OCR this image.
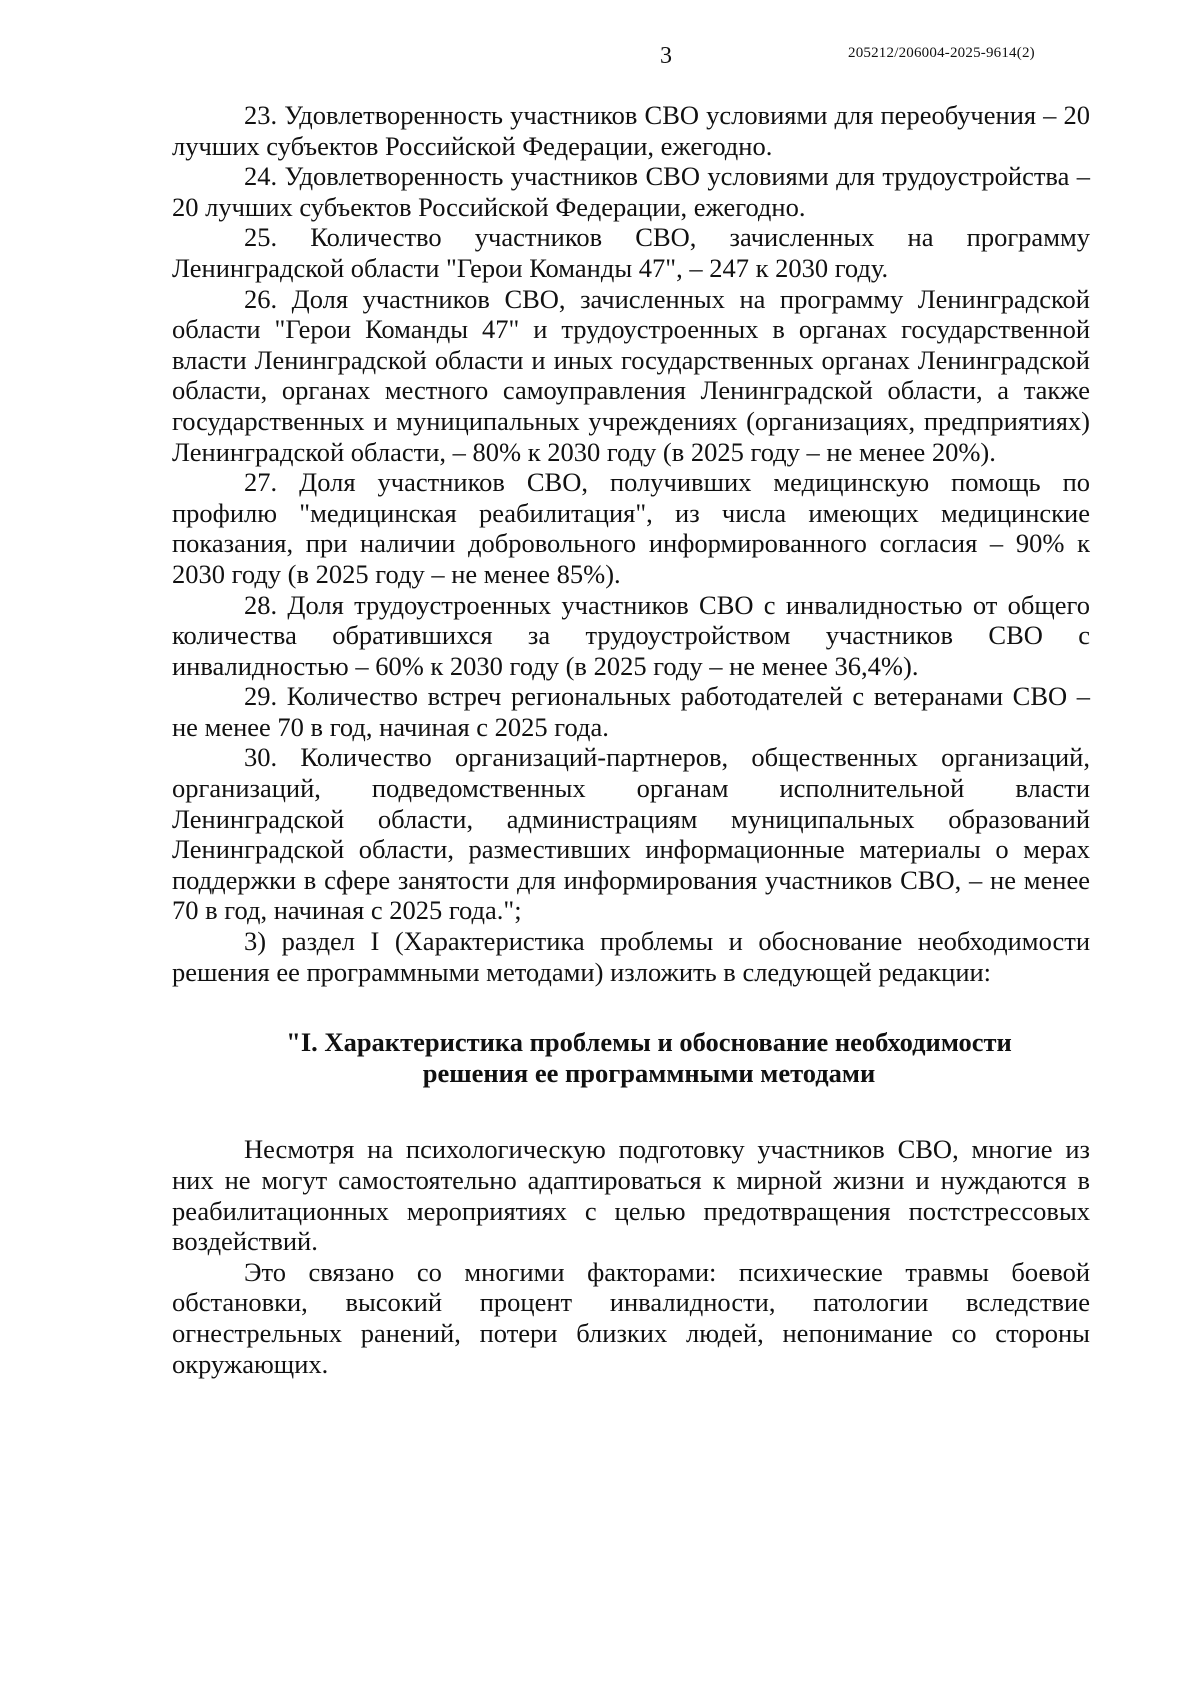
3	205212/206004-2025-9614(2)

23. Удовлетворенность участников СВО условиями для переобучения – 20 лучших субъектов Российской Федерации, ежегодно.

24. Удовлетворенность участников СВО условиями для трудоустройства – 20 лучших субъектов Российской Федерации, ежегодно.

25. Количество участников СВО, зачисленных на программу Ленинградской области "Герои Команды 47", – 247 к 2030 году.

26. Доля участников СВО, зачисленных на программу Ленинградской области "Герои Команды 47" и трудоустроенных в органах государственной власти Ленинградской области и иных государственных органах Ленинградской области, органах местного самоуправления Ленинградской области, а также государственных и муниципальных учреждениях (организациях, предприятиях) Ленинградской области, – 80% к 2030 году (в 2025 году – не менее 20%).

27. Доля участников СВО, получивших медицинскую помощь по профилю "медицинская реабилитация", из числа имеющих медицинские показания, при наличии добровольного информированного согласия – 90% к 2030 году (в 2025 году – не менее 85%).

28. Доля трудоустроенных участников СВО с инвалидностью от общего количества обратившихся за трудоустройством участников СВО с инвалидностью – 60% к 2030 году (в 2025 году – не менее 36,4%).

29. Количество встреч региональных работодателей с ветеранами СВО – не менее 70 в год, начиная с 2025 года.

30. Количество организаций-партнеров, общественных организаций, организаций, подведомственных органам исполнительной власти Ленинградской области, администрациям муниципальных образований Ленинградской области, разместивших информационные материалы о мерах поддержки в сфере занятости для информирования участников СВО, – не менее 70 в год, начиная с 2025 года.";

3) раздел I (Характеристика проблемы и обоснование необходимости решения ее программными методами) изложить в следующей редакции:

"I. Характеристика проблемы и обоснование необходимости
решения ее программными методами

Несмотря на психологическую подготовку участников СВО, многие из них не могут самостоятельно адаптироваться к мирной жизни и нуждаются в реабилитационных мероприятиях с целью предотвращения постстрессовых воздействий.

Это связано со многими факторами: психические травмы боевой обстановки, высокий процент инвалидности, патологии вследствие огнестрельных ранений, потери близких людей, непонимание со стороны окружающих.
